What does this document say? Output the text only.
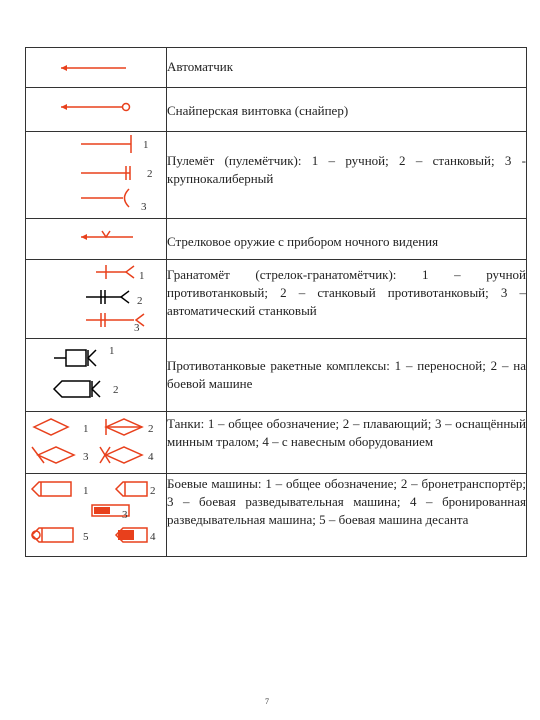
Автоматчик

Снайперская винтовка (снайпер)

1
2
3	Пулемёт (пулемётчик): 1 – ручной; 2 – станковый; 3 - крупнокалиберный

Стрелковое оружие с прибором ночного видения

1
2
3	Гранатомёт (стрелок-гранатомётчик): 1 – ручной противотанковый; 2 – станковый противотанковый; 3 – автоматический станковый

1
2	Противотанковые ракетные комплексы: 1 – переносной; 2 – на боевой машине

1 2
3 4	Танки: 1 – общее обозначение; 2 – плавающий; 3 – оснащённый минным тралом; 4 – с навесным оборудованием

1 2
3
4
5	Боевые машины: 1 – общее обозначение; 2 – бронетранспортёр; 3 – боевая разведывательная машина; 4 – бронированная разведывательная машина; 5 – боевая машина десанта
7
